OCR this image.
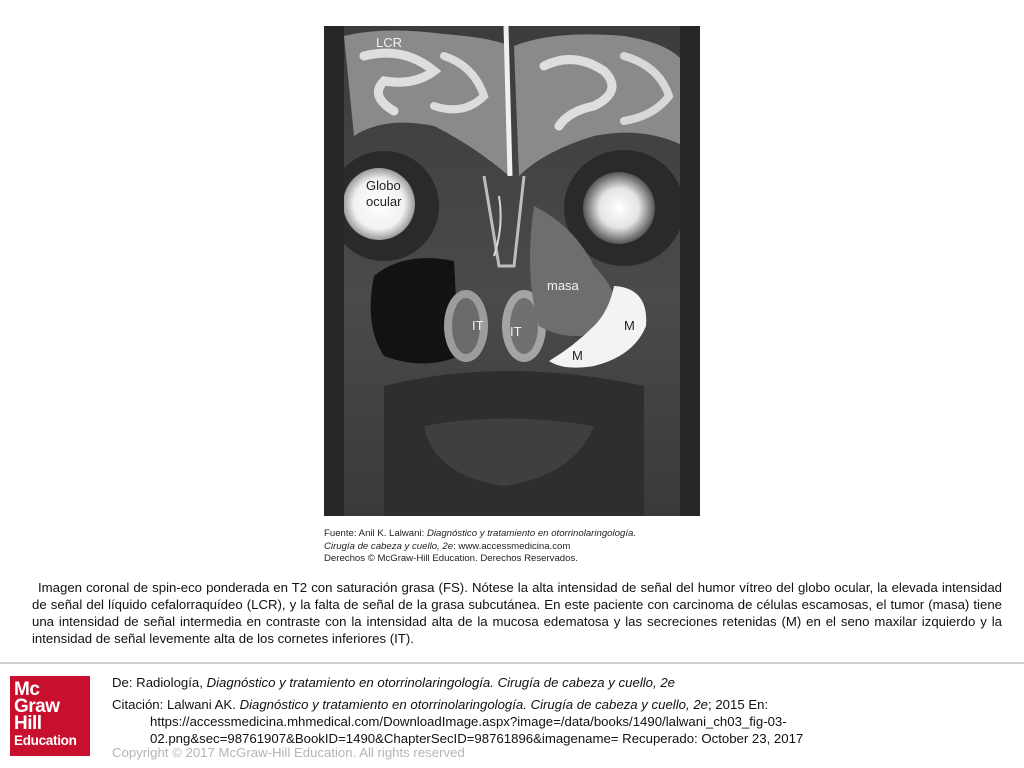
LCR
Globo
ocular
masa
IT IT	M
M
Fuente: Anil K. Lalwani: Diagnóstico y tratamiento en otorrinolaringología.
Cirugía de cabeza y cuello, 2e: www.accessmedicina.com
Derechos © McGraw-Hill Education. Derechos Reservados.
Imagen coronal de spin-eco ponderada en T2 con saturación grasa (FS). Nótese la alta intensidad de señal del humor vítreo del globo ocular, la elevada intensidad de señal del líquido cefalorraquídeo (LCR), y la falta de señal de la grasa subcutánea. En este paciente con carcinoma de células escamosas, el tumor (masa) tiene una intensidad de señal intermedia en contraste con la intensidad alta de la mucosa edematosa y las secreciones retenidas (M) en el seno maxilar izquierdo y la intensidad de señal levemente alta de los cornetes inferiores (IT).
Mc
Graw
Hill
Education
De: Radiología, Diagnóstico y tratamiento en otorrinolaringología. Cirugía de cabeza y cuello, 2e
Citación: Lalwani AK. Diagnóstico y tratamiento en otorrinolaringología. Cirugía de cabeza y cuello, 2e; 2015 En:
https://accessmedicina.mhmedical.com/DownloadImage.aspx?image=/data/books/1490/lalwani_ch03_fig-03-
02.png&sec=98761907&BookID=1490&ChapterSecID=98761896&imagename= Recuperado: October 23, 2017
Copyright © 2017 McGraw-Hill Education. All rights reserved
